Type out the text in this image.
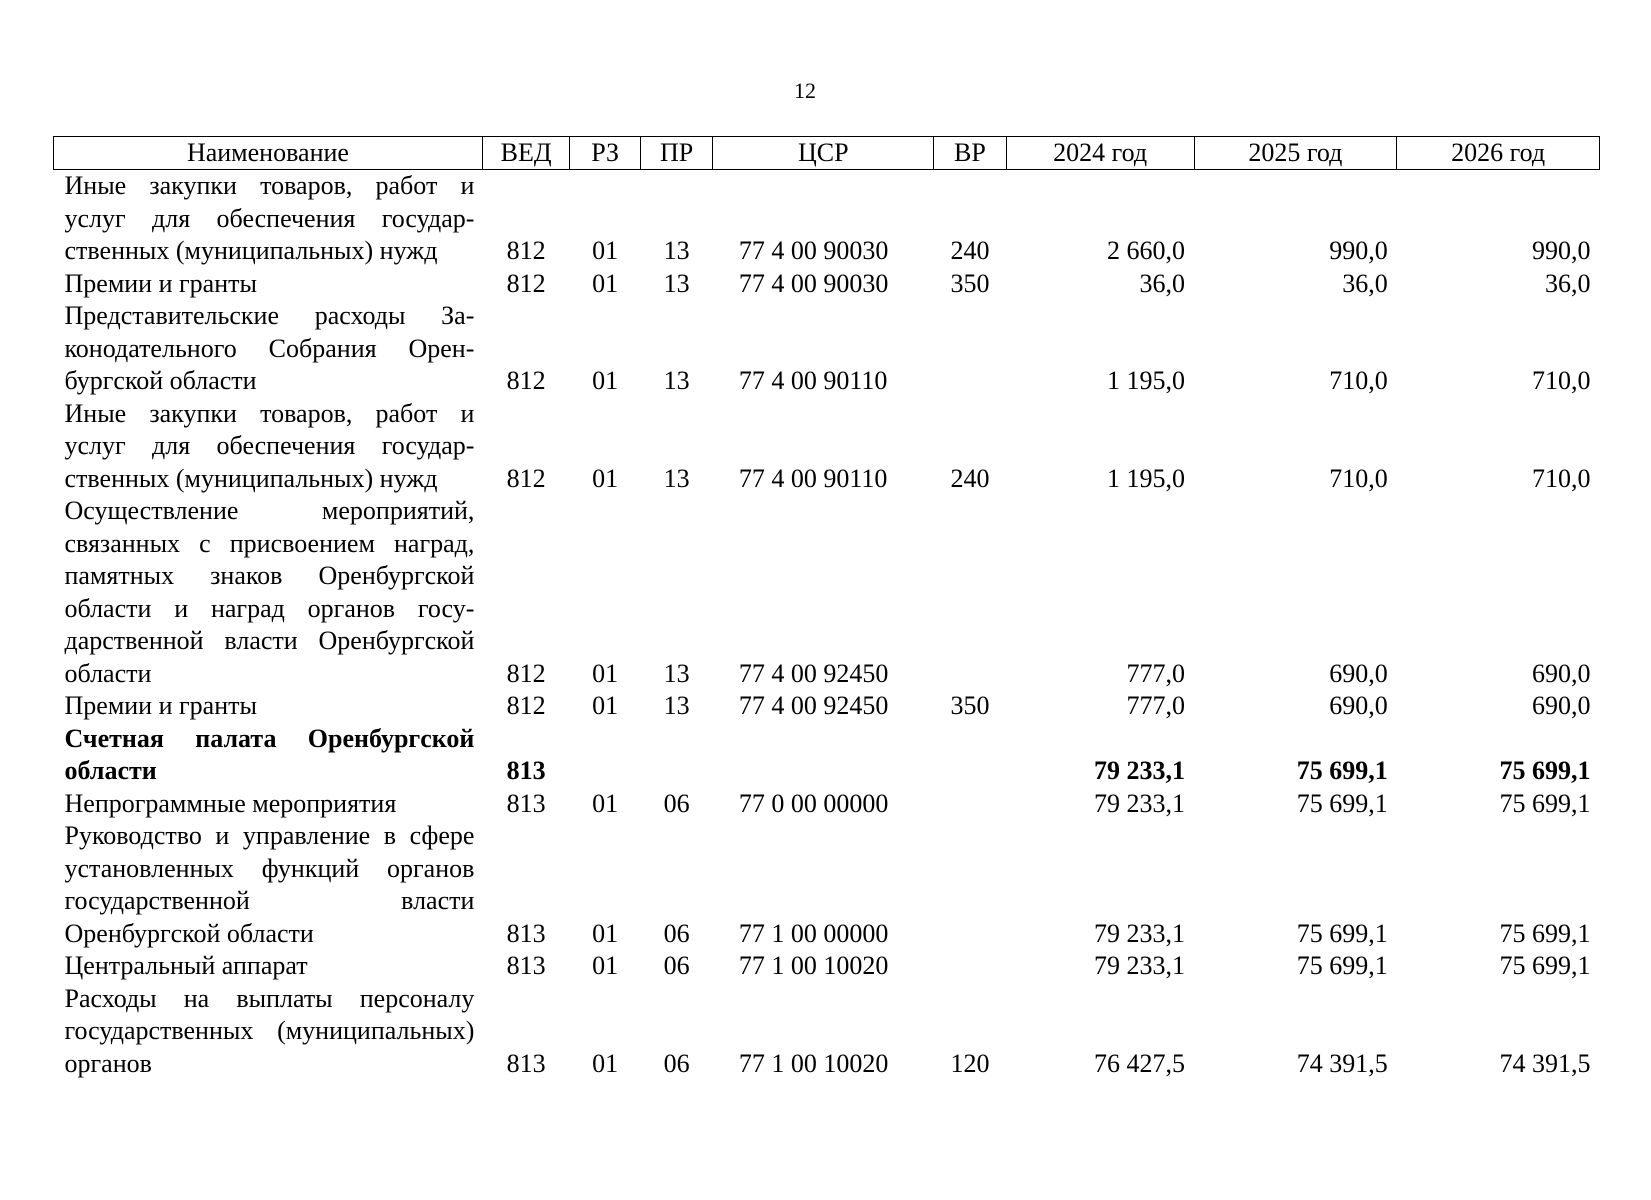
12
Наименование	ВЕД	РЗ	ПР	ЦСР	ВР	2024 год	2025 год	2026 год
Иные закупки товаров, работ и услуг для обеспечения государственных (муниципальных) нужд	812	01	13	77 4 00 90030	240	2 660,0	990,0	990,0
Премии и гранты	812	01	13	77 4 00 90030	350	36,0	36,0	36,0
Представительские расходы Законодательного Собрания Оренбургской области	812	01	13	77 4 00 90110		1 195,0	710,0	710,0
Иные закупки товаров, работ и услуг для обеспечения государственных (муниципальных) нужд	812	01	13	77 4 00 90110	240	1 195,0	710,0	710,0
Осуществление мероприятий, связанных с присвоением наград, памятных знаков Оренбургской области и наград органов государственной власти Оренбургской области	812	01	13	77 4 00 92450		777,0	690,0	690,0
Премии и гранты	812	01	13	77 4 00 92450	350	777,0	690,0	690,0
Счетная палата Оренбургской области	813					79 233,1	75 699,1	75 699,1
Непрограммные мероприятия	813	01	06	77 0 00 00000		79 233,1	75 699,1	75 699,1
Руководство и управление в сфере установленных функций органов государственной власти Оренбургской области	813	01	06	77 1 00 00000		79 233,1	75 699,1	75 699,1
Центральный аппарат	813	01	06	77 1 00 10020		79 233,1	75 699,1	75 699,1
Расходы на выплаты персоналу государственных (муниципальных) органов	813	01	06	77 1 00 10020	120	76 427,5	74 391,5	74 391,5
